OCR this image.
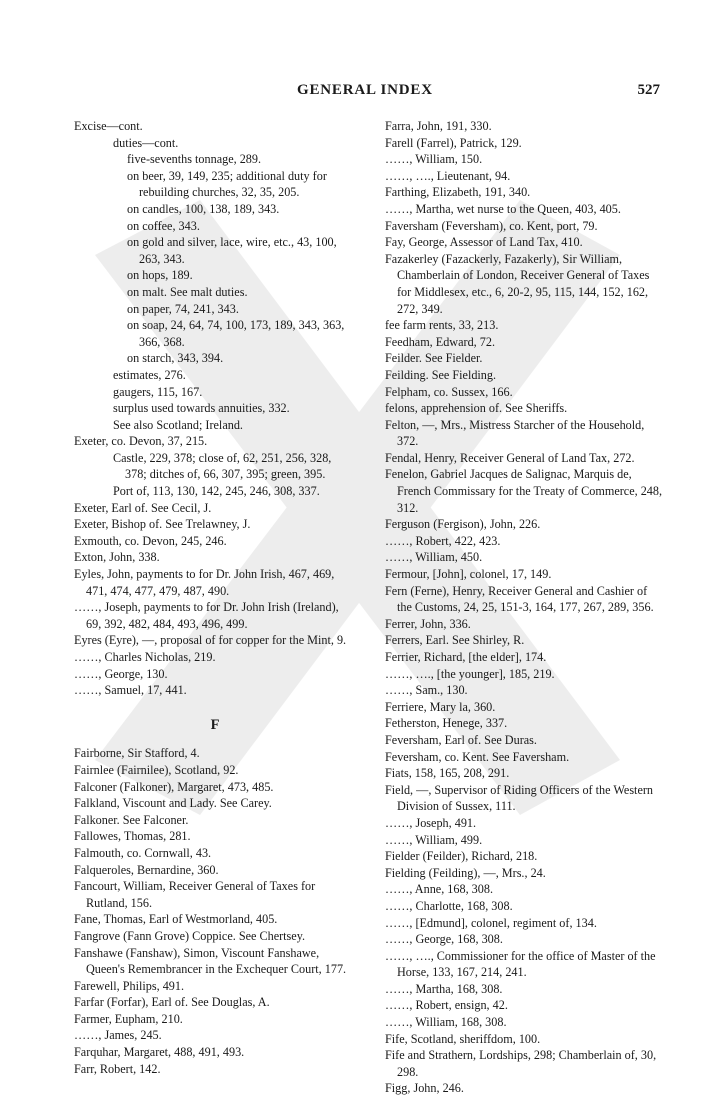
GENERAL INDEX	527
Excise—cont.
duties—cont.
five-sevenths tonnage, 289.
on beer, 39, 149, 235; additional duty for rebuilding churches, 32, 35, 205.
on candles, 100, 138, 189, 343.
on coffee, 343.
on gold and silver, lace, wire, etc., 43, 100, 263, 343.
on hops, 189.
on malt. See malt duties.
on paper, 74, 241, 343.
on soap, 24, 64, 74, 100, 173, 189, 343, 363, 366, 368.
on starch, 343, 394.
estimates, 276.
gaugers, 115, 167.
surplus used towards annuities, 332.
See also Scotland; Ireland.
Exeter, co. Devon, 37, 215.
Castle, 229, 378; close of, 62, 251, 256, 328, 378; ditches of, 66, 307, 395; green, 395.
Port of, 113, 130, 142, 245, 246, 308, 337.
Exeter, Earl of. See Cecil, J.
Exeter, Bishop of. See Trelawney, J.
Exmouth, co. Devon, 245, 246.
Exton, John, 338.
Eyles, John, payments to for Dr. John Irish, 467, 469, 471, 474, 477, 479, 487, 490.
……, Joseph, payments to for Dr. John Irish (Ireland), 69, 392, 482, 484, 493, 496, 499.
Eyres (Eyre), —, proposal of for copper for the Mint, 9.
……, Charles Nicholas, 219.
……, George, 130.
……, Samuel, 17, 441.
F
Fairborne, Sir Stafford, 4.
Fairnlee (Fairnilee), Scotland, 92.
Falconer (Falkoner), Margaret, 473, 485.
Falkland, Viscount and Lady. See Carey.
Falkoner. See Falconer.
Fallowes, Thomas, 281.
Falmouth, co. Cornwall, 43.
Falqueroles, Bernardine, 360.
Fancourt, William, Receiver General of Taxes for Rutland, 156.
Fane, Thomas, Earl of Westmorland, 405.
Fangrove (Fann Grove) Coppice. See Chertsey.
Fanshawe (Fanshaw), Simon, Viscount Fanshawe, Queen's Remembrancer in the Exchequer Court, 177.
Farewell, Philips, 491.
Farfar (Forfar), Earl of. See Douglas, A.
Farmer, Eupham, 210.
……, James, 245.
Farquhar, Margaret, 488, 491, 493.
Farr, Robert, 142.
Farra, John, 191, 330.
Farell (Farrel), Patrick, 129.
……, William, 150.
……, …., Lieutenant, 94.
Farthing, Elizabeth, 191, 340.
……, Martha, wet nurse to the Queen, 403, 405.
Faversham (Feversham), co. Kent, port, 79.
Fay, George, Assessor of Land Tax, 410.
Fazakerley (Fazackerly, Fazakerly), Sir William, Chamberlain of London, Receiver General of Taxes for Middlesex, etc., 6, 20-2, 95, 115, 144, 152, 162, 272, 349.
fee farm rents, 33, 213.
Feedham, Edward, 72.
Feilder. See Fielder.
Feilding. See Fielding.
Felpham, co. Sussex, 166.
felons, apprehension of. See Sheriffs.
Felton, —, Mrs., Mistress Starcher of the Household, 372.
Fendal, Henry, Receiver General of Land Tax, 272.
Fenelon, Gabriel Jacques de Salignac, Marquis de, French Commissary for the Treaty of Commerce, 248, 312.
Ferguson (Fergison), John, 226.
……, Robert, 422, 423.
……, William, 450.
Fermour, [John], colonel, 17, 149.
Fern (Ferne), Henry, Receiver General and Cashier of the Customs, 24, 25, 151-3, 164, 177, 267, 289, 356.
Ferrer, John, 336.
Ferrers, Earl. See Shirley, R.
Ferrier, Richard, [the elder], 174.
……, …., [the younger], 185, 219.
……, Sam., 130.
Ferriere, Mary la, 360.
Fetherston, Henege, 337.
Feversham, Earl of. See Duras.
Feversham, co. Kent. See Faversham.
Fiats, 158, 165, 208, 291.
Field, —, Supervisor of Riding Officers of the Western Division of Sussex, 111.
……, Joseph, 491.
……, William, 499.
Fielder (Feilder), Richard, 218.
Fielding (Feilding), —, Mrs., 24.
……, Anne, 168, 308.
……, Charlotte, 168, 308.
……, [Edmund], colonel, regiment of, 134.
……, George, 168, 308.
……, …., Commissioner for the office of Master of the Horse, 133, 167, 214, 241.
……, Martha, 168, 308.
……, Robert, ensign, 42.
……, William, 168, 308.
Fife, Scotland, sheriffdom, 100.
Fife and Strathern, Lordships, 298; Chamberlain of, 30, 298.
Figg, John, 246.
